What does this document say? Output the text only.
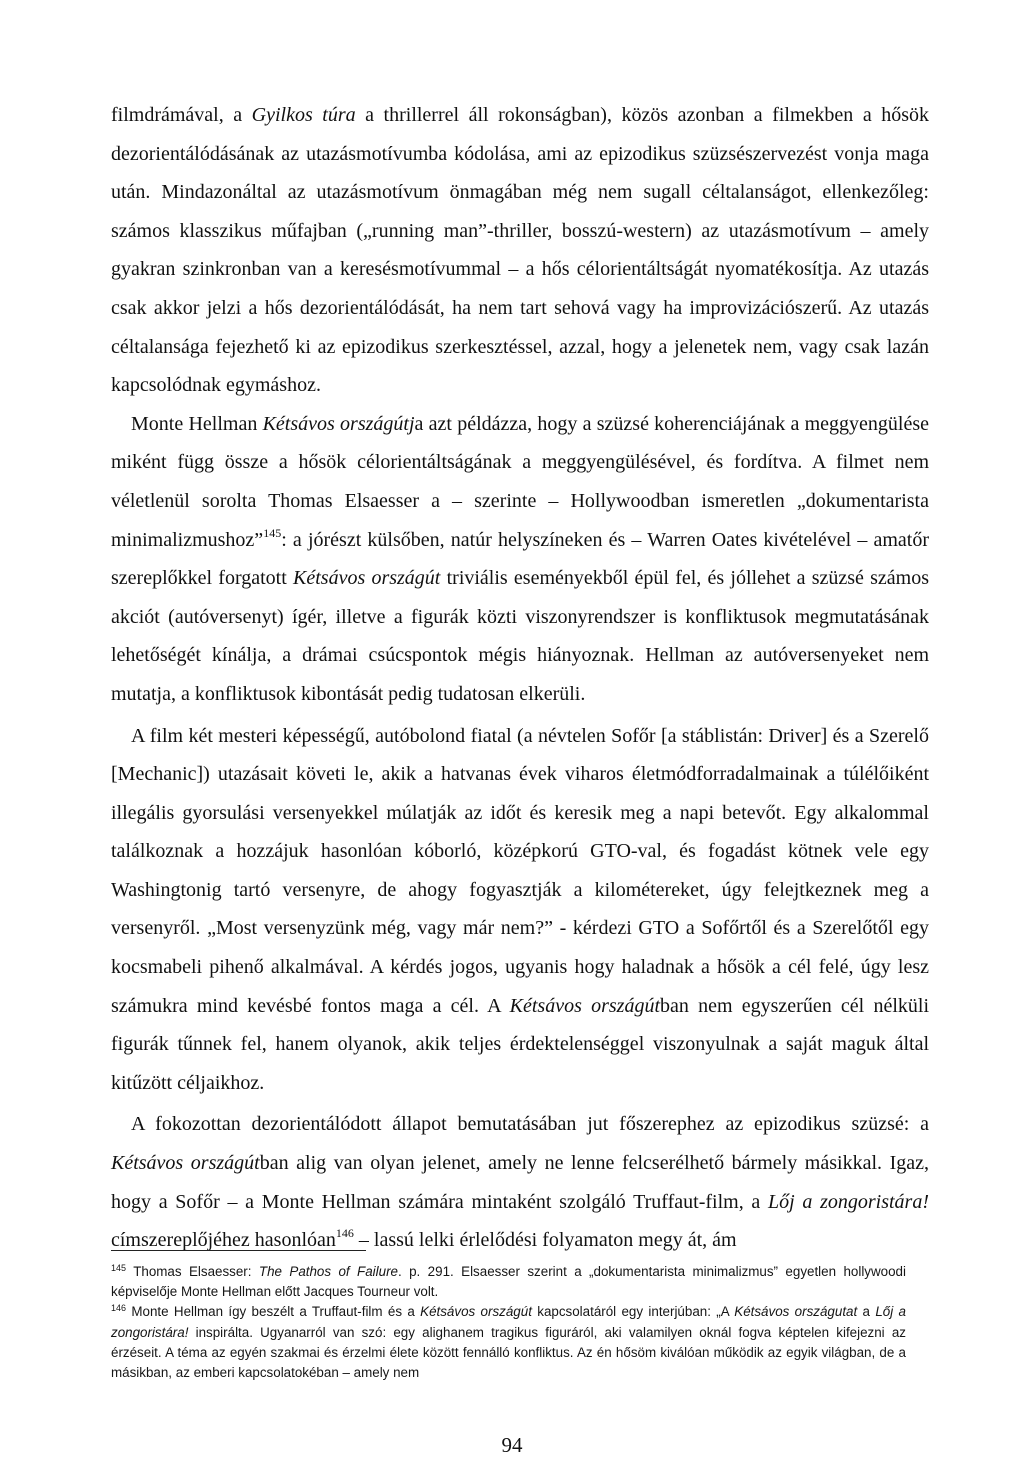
filmdrámával, a Gyilkos túra a thrillerrel áll rokonságban), közös azonban a filmekben a hősök dezorientálódásának az utazásmotívumba kódolása, ami az epizodikus szüzsészervezést vonja maga után. Mindazonáltal az utazásmotívum önmagában még nem sugall céltalanságot, ellenkezőleg: számos klasszikus műfajban („running man”-thriller, bosszú-western) az utazásmotívum – amely gyakran szinkronban van a keresésmotívummal – a hős célorientáltságát nyomatékosítja. Az utazás csak akkor jelzi a hős dezorientálódását, ha nem tart sehová vagy ha improvizációszerű. Az utazás céltalansága fejezhető ki az epizodikus szerkesztéssel, azzal, hogy a jelenetek nem, vagy csak lazán kapcsolódnak egymáshoz.

Monte Hellman Kétsávos országútja azt példázza, hogy a szüzsé koherenciájának a meggyengülése miként függ össze a hősök célorientáltságának a meggyengülésével, és fordítva. A filmet nem véletlenül sorolta Thomas Elsaesser a – szerinte – Hollywoodban ismeretlen „dokumentarista minimalizmushoz”$^{145}$: a jórészt külsőben, natúr helyszíneken és – Warren Oates kivételével – amatőr szereplőkkel forgatott Kétsávos országút triviális eseményekből épül fel, és jóllehet a szüzsé számos akciót (autóversenyt) ígér, illetve a figurák közti viszonyrendszer is konfliktusok megmutatásának lehetőségét kínálja, a drámai csúcspontok mégis hiányoznak. Hellman az autóversenyeket nem mutatja, a konfliktusok kibontását pedig tudatosan elkerüli.

A film két mesteri képességű, autóbolond fiatal (a névtelen Sofőr [a stáblistán: Driver] és a Szerelő [Mechanic]) utazásait követi le, akik a hatvanas évek viharos életmódforradalmainak a túlélőiként illegális gyorsulási versenyekkel múlatják az időt és keresik meg a napi betevőt. Egy alkalommal találkoznak a hozzájuk hasonlóan kóborló, középkorú GTO-val, és fogadást kötnek vele egy Washingtonig tartó versenyre, de ahogy fogyasztják a kilométereket, úgy felejtkeznek meg a versenyről. „Most versenyzünk még, vagy már nem?” - kérdezi GTO a Sofőrtől és a Szerelőtől egy kocsmabeli pihenő alkalmával. A kérdés jogos, ugyanis hogy haladnak a hősök a cél felé, úgy lesz számukra mind kevésbé fontos maga a cél. A Kétsávos országútban nem egyszerűen cél nélküli figurák tűnnek fel, hanem olyanok, akik teljes érdektelenséggel viszonyulnak a saját maguk által kitűzött céljaikhoz.

A fokozottan dezorientálódott állapot bemutatásában jut főszerephez az epizodikus szüzsé: a Kétsávos országútban alig van olyan jelenet, amely ne lenne felcserélhető bármely másikkal. Igaz, hogy a Sofőr – a Monte Hellman számára mintaként szolgáló Truffaut-film, a Lőj a zongoristára! címszereplőjéhez hasonlóan$^{146}$ – lassú lelki érlelődési folyamaton megy át, ám

$^{145}$ Thomas Elsaesser: The Pathos of Failure. p. 291. Elsaesser szerint a „dokumentarista minimalizmus” egyetlen hollywoodi képviselője Monte Hellman előtt Jacques Tourneur volt.

$^{146}$ Monte Hellman így beszélt a Truffaut-film és a Kétsávos országút kapcsolatáról egy interjúban: „A Kétsávos országutat a Lőj a zongoristára! inspirálta. Ugyanarról van szó: egy alighanem tragikus figuráról, aki valamilyen oknál fogva képtelen kifejezni az érzéseit. A téma az egyén szakmai és érzelmi élete között fennálló konfliktus. Az én hősöm kiválóan működik az egyik világban, de a másikban, az emberi kapcsolatokéban – amely nem

94
